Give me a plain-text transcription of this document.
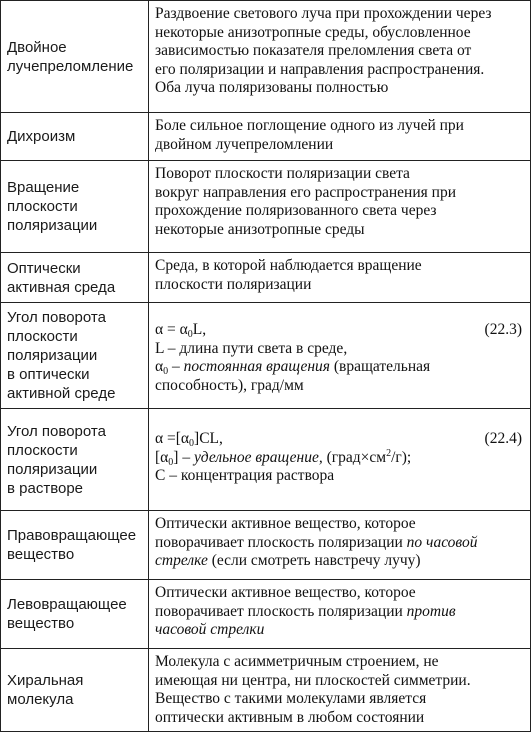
Двойное
лучепреломление
Раздвоение светового луча при прохождении через
некоторые анизотропные среды, обусловленное
зависимостью показателя преломления света от
его поляризации и направления распространения.
Оба луча поляризованы полностью
Дихроизм
Боле сильное поглощение одного из лучей при
двойном лучепреломлении
Вращение
плоскости
поляризации
Поворот плоскости поляризации света
вокруг направления его распространения при
прохождение поляризованного света через
некоторые анизотропные среды
Оптически
активная среда
Среда, в которой наблюдается вращение
плоскости поляризации
Угол поворота
плоскости
поляризации
в оптически
активной среде
$\alpha = \alpha_0L$,	(22.3)
L – длина пути света в среде,
$\alpha_0$ – постоянная вращения (вращательная
способность), град/мм
Угол поворота
плоскости
поляризации
в растворе
$\alpha =[\alpha_0]CL$,	(22.4)
$[\alpha_0]$ – удельное вращение, $(град\times см^2/г)$;
C – концентрация раствора
Правовращающее
вещество
Оптически активное вещество, которое
поворачивает плоскость поляризации по часовой
стрелке (если смотреть навстречу лучу)
Левовращающее
вещество
Оптически активное вещество, которое
поворачивает плоскость поляризации против
часовой стрелки
Хиральная
молекула
Молекула с асимметричным строением, не
имеющая ни центра, ни плоскостей симметрии.
Вещество с такими молекулами является
оптически активным в любом состоянии
